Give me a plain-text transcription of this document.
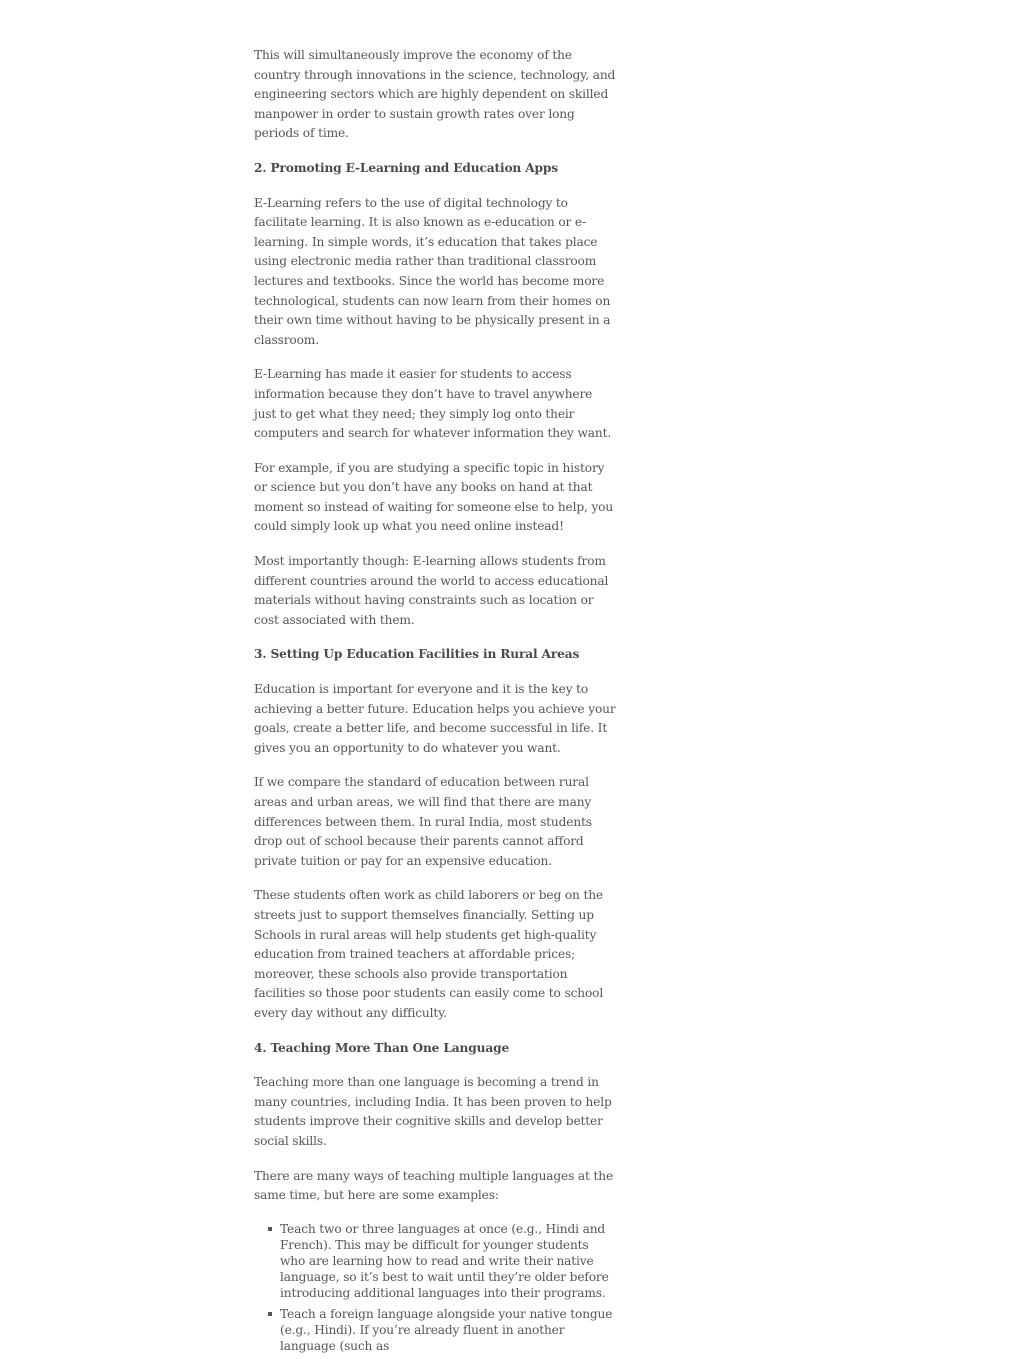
This will simultaneously improve the economy of the country through innovations in the science, technology, and engineering sectors which are highly dependent on skilled manpower in order to sustain growth rates over long periods of time.

2. Promoting E-Learning and Education Apps

E-Learning refers to the use of digital technology to facilitate learning. It is also known as e-education or e-learning. In simple words, it’s education that takes place using electronic media rather than traditional classroom lectures and textbooks. Since the world has become more technological, students can now learn from their homes on their own time without having to be physically present in a classroom.

E-Learning has made it easier for students to access information because they don’t have to travel anywhere just to get what they need; they simply log onto their computers and search for whatever information they want.

For example, if you are studying a specific topic in history or science but you don’t have any books on hand at that moment so instead of waiting for someone else to help, you could simply look up what you need online instead!

Most importantly though: E-learning allows students from different countries around the world to access educational materials without having constraints such as location or cost associated with them.

3. Setting Up Education Facilities in Rural Areas

Education is important for everyone and it is the key to achieving a better future. Education helps you achieve your goals, create a better life, and become successful in life. It gives you an opportunity to do whatever you want.

If we compare the standard of education between rural areas and urban areas, we will find that there are many differences between them. In rural India, most students drop out of school because their parents cannot afford private tuition or pay for an expensive education.

These students often work as child laborers or beg on the streets just to support themselves financially. Setting up Schools in rural areas will help students get high-quality education from trained teachers at affordable prices; moreover, these schools also provide transportation facilities so those poor students can easily come to school every day without any difficulty.

4. Teaching More Than One Language

Teaching more than one language is becoming a trend in many countries, including India. It has been proven to help students improve their cognitive skills and develop better social skills.

There are many ways of teaching multiple languages at the same time, but here are some examples:

Teach two or three languages at once (e.g., Hindi and French). This may be difficult for younger students who are learning how to read and write their native language, so it’s best to wait until they’re older before introducing additional languages into their programs.
Teach a foreign language alongside your native tongue (e.g., Hindi). If you’re already fluent in another language (such as
